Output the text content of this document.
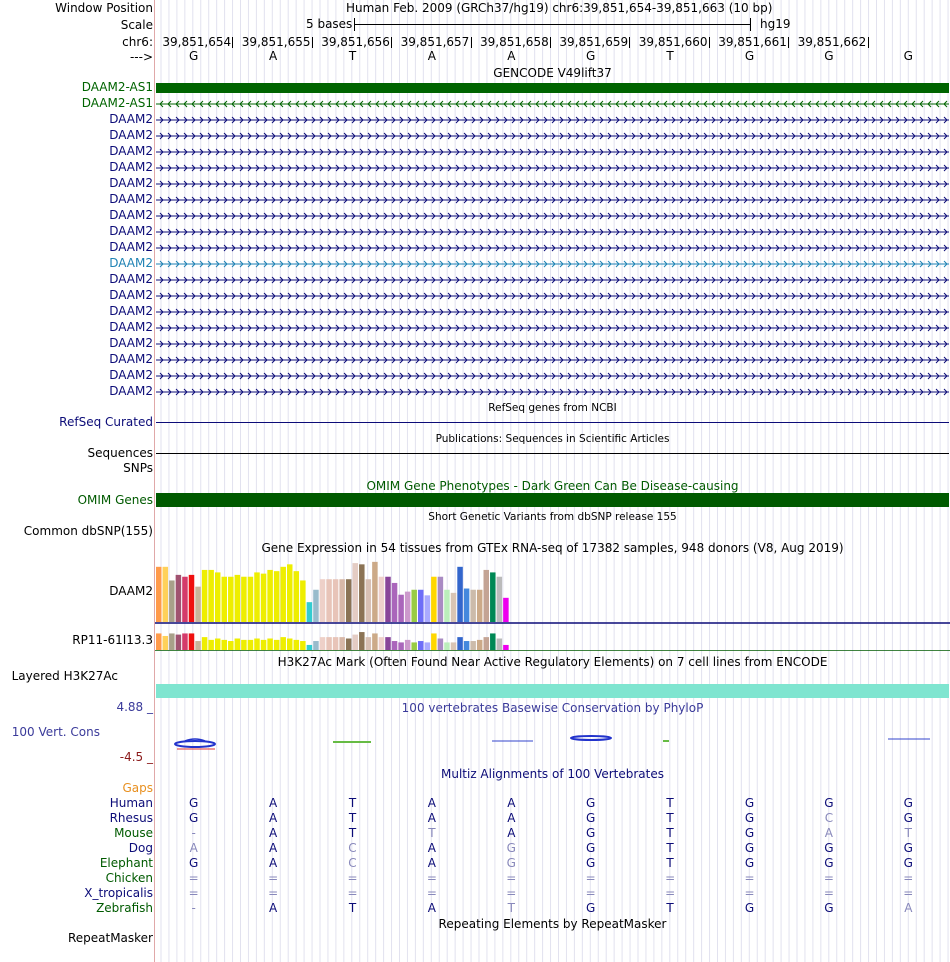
Window Position	Human Feb. 2009 (GRCh37/hg19) chr6:39,851,654-39,851,663 (10 bp)
Scale	5 bases	hg19
chr6: 39,851,654 39,851,655 39,851,656 39,851,657 39,851,658 39,851,659 39,851,660 39,851,661 39,851,662
--->	G	A	T	A	A	G	T	G	G	G
GENCODE V49lift37
DAAM2-AS1
DAAM2-AS1
DAAM2
DAAM2
DAAM2
DAAM2
DAAM2
DAAM2
DAAM2
DAAM2
DAAM2
DAAM2
DAAM2
DAAM2
DAAM2
DAAM2
DAAM2
DAAM2
DAAM2
DAAM2
RefSeq genes from NCBI
RefSeq Curated
Publications: Sequences in Scientific Articles
Sequences
SNPs
OMIM Gene Phenotypes - Dark Green Can Be Disease-causing
OMIM Genes
Short Genetic Variants from dbSNP release 155
Common dbSNP(155)
Gene Expression in 54 tissues from GTEx RNA-seq of 17382 samples, 948 donors (V8, Aug 2019)
DAAM2
RP11-61I13.3
H3K27Ac Mark (Often Found Near Active Regulatory Elements) on 7 cell lines from ENCODE
Layered H3K27Ac
4.88 _	100 vertebrates Basewise Conservation by PhyloP
100 Vert. Cons
-4.5 _
Multiz Alignments of 100 Vertebrates
Gaps
Human	G	A	T	A	A	G	T	G	G	G
Rhesus	G	A	T	A	A	G	T	G	C	G
Mouse	-	A	T	T	A	G	T	G	A	T
Dog	A	A	C	A	G	G	T	G	G	G
Elephant	G	A	C	A	G	G	T	G	G	G
Chicken	=	=	=	=	=	=	=	=	=	=
X_tropicalis	=	=	=	=	=	=	=	=	=	=
Zebrafish	-	A	T	A	T	G	T	G	G	A
Repeating Elements by RepeatMasker
RepeatMasker
